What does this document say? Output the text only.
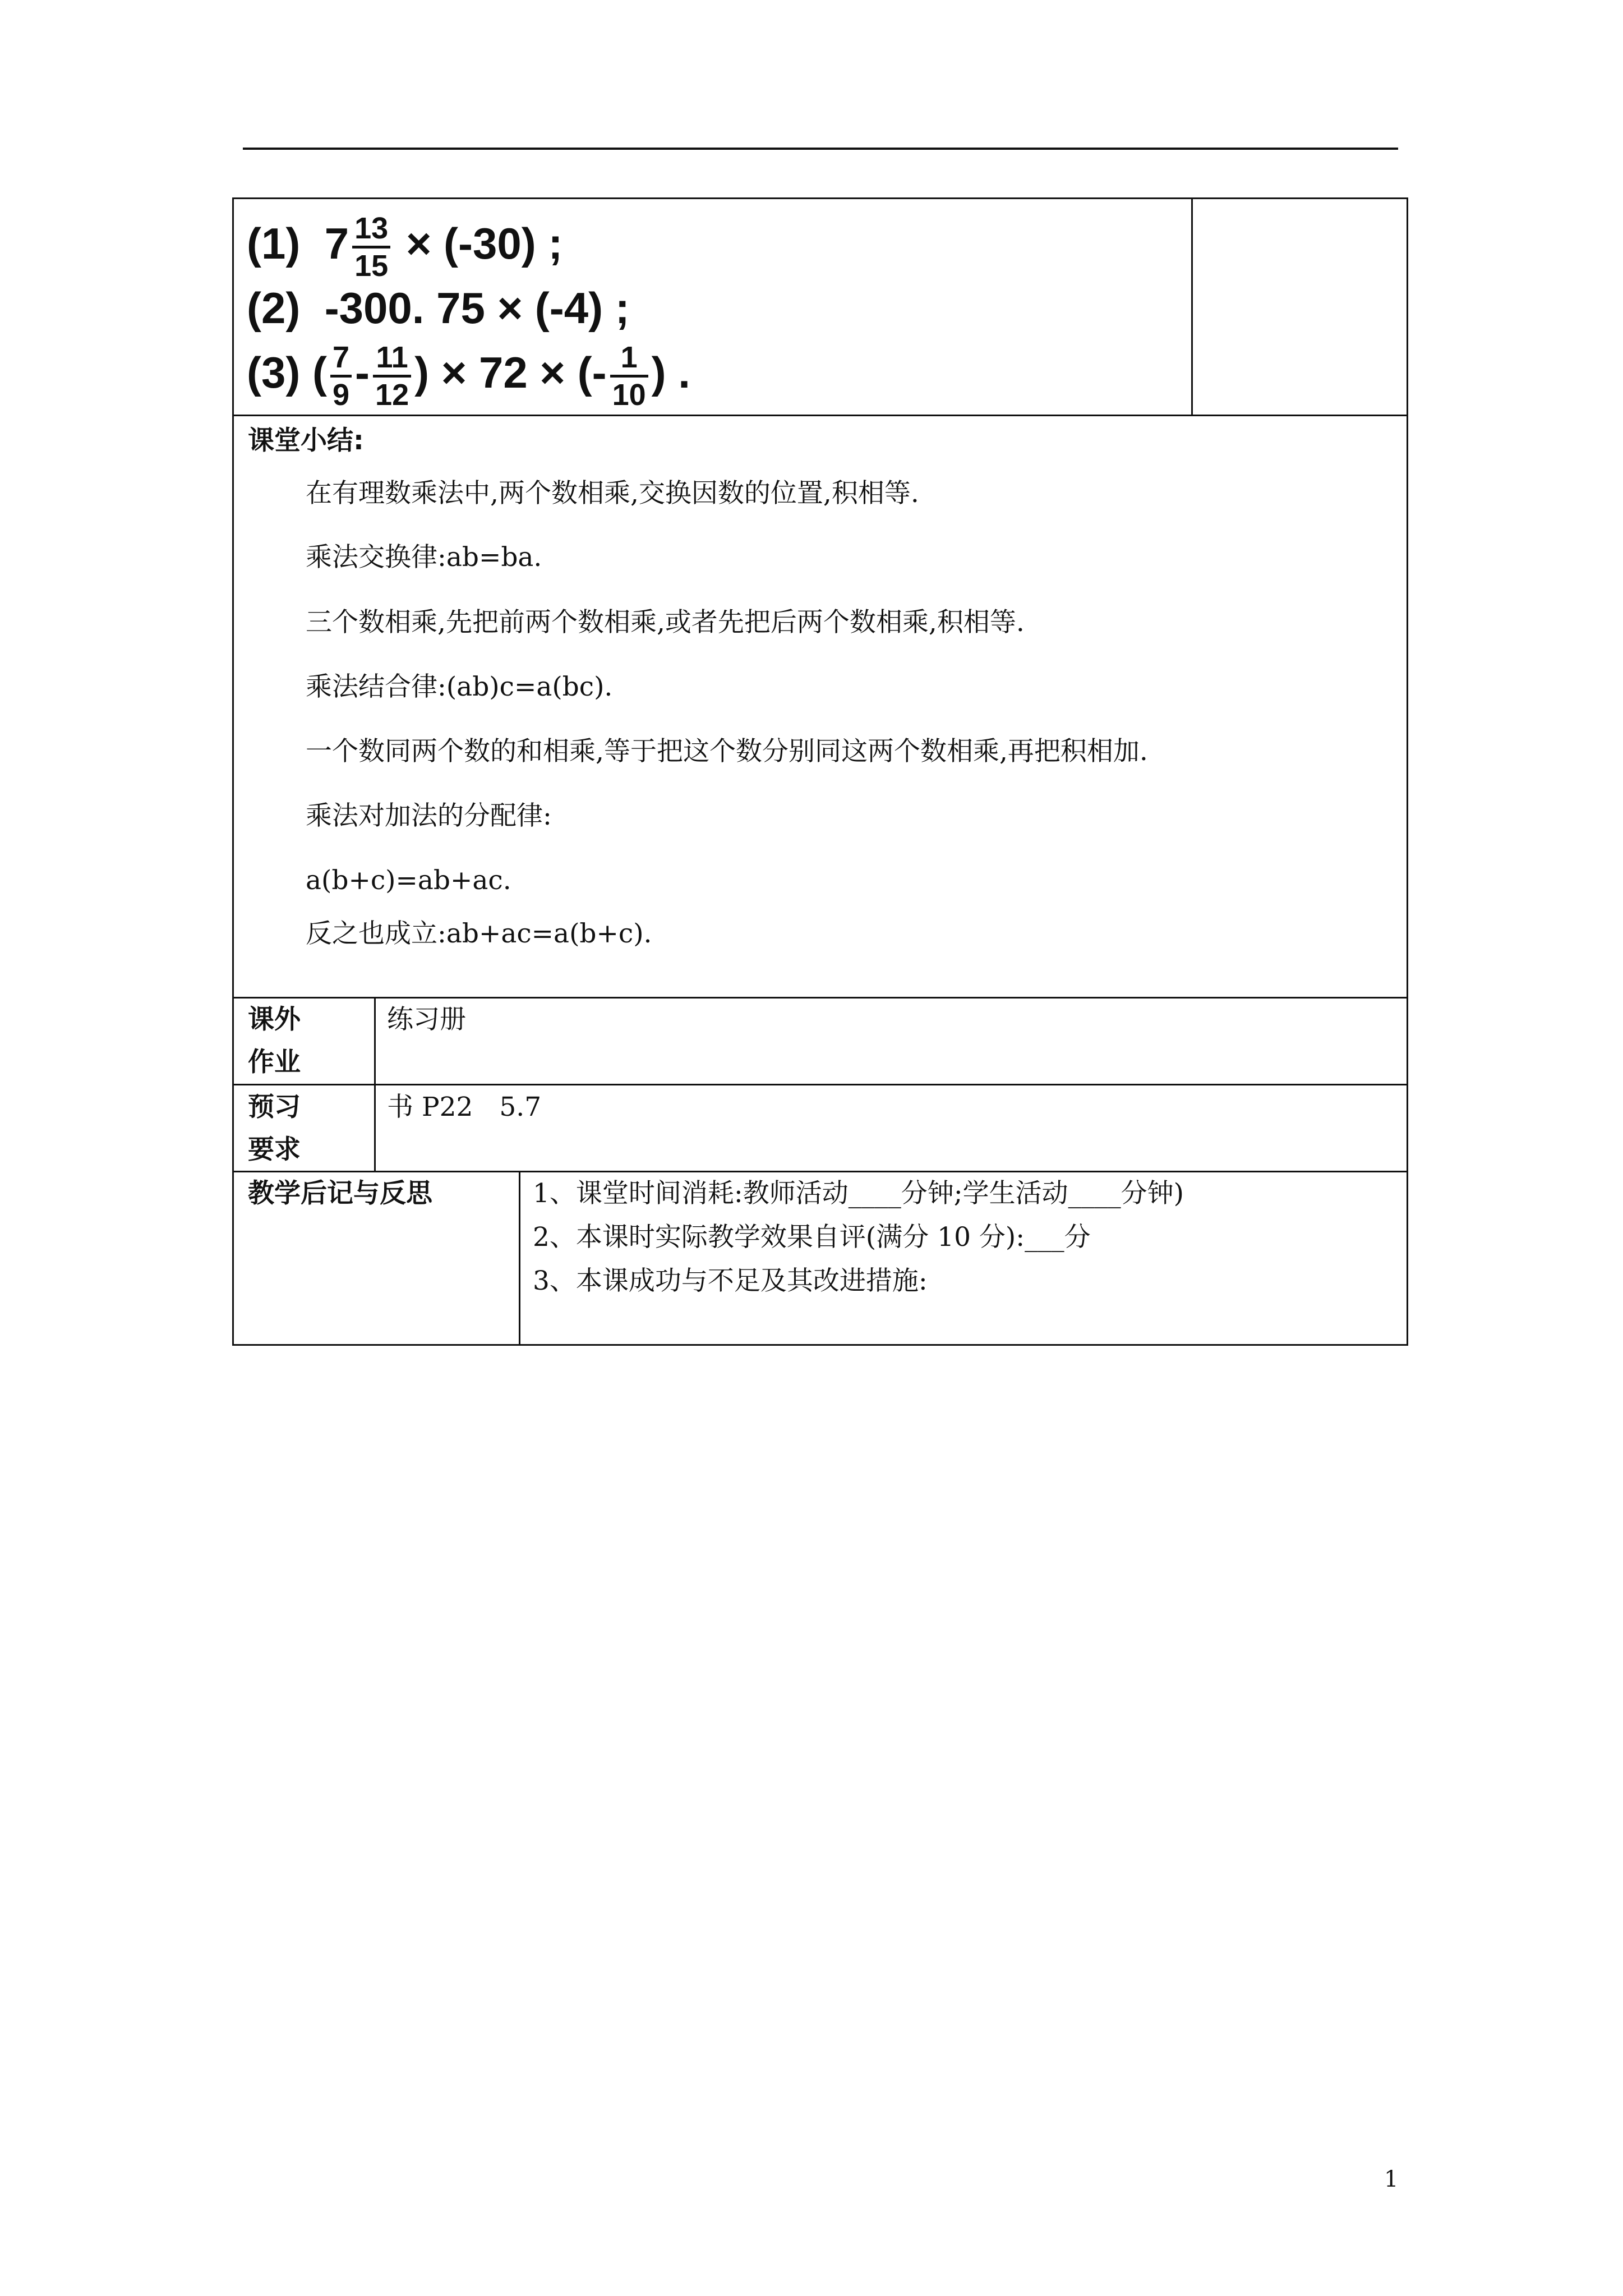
(1) $7 \frac{13}{15} \times (-30)$ ;
(2) -300. 75 × (-4) ;
(3) ( $\frac{7}{9} - \frac{11}{12}$ ) × 72 × (- $\frac{1}{10}$ ) .
课堂小结:
在有理数乘法中,两个数相乘,交换因数的位置,积相等.
乘法交换律:ab=ba.
三个数相乘,先把前两个数相乘,或者先把后两个数相乘,积相等.
乘法结合律:(ab)c=a(bc).
一个数同两个数的和相乘,等于把这个数分别同这两个数相乘,再把积相加.
乘法对加法的分配律:
a(b+c)=ab+ac.
反之也成立:ab+ac=a(b+c).
课外
作业
练习册
预习
要求
书 P22　5.7
教学后记与反思	1、课堂时间消耗:教师活动____分钟;学生活动____分钟)
2、本课时实际教学效果自评(满分 10 分):___分
3、本课成功与不足及其改进措施:
1
